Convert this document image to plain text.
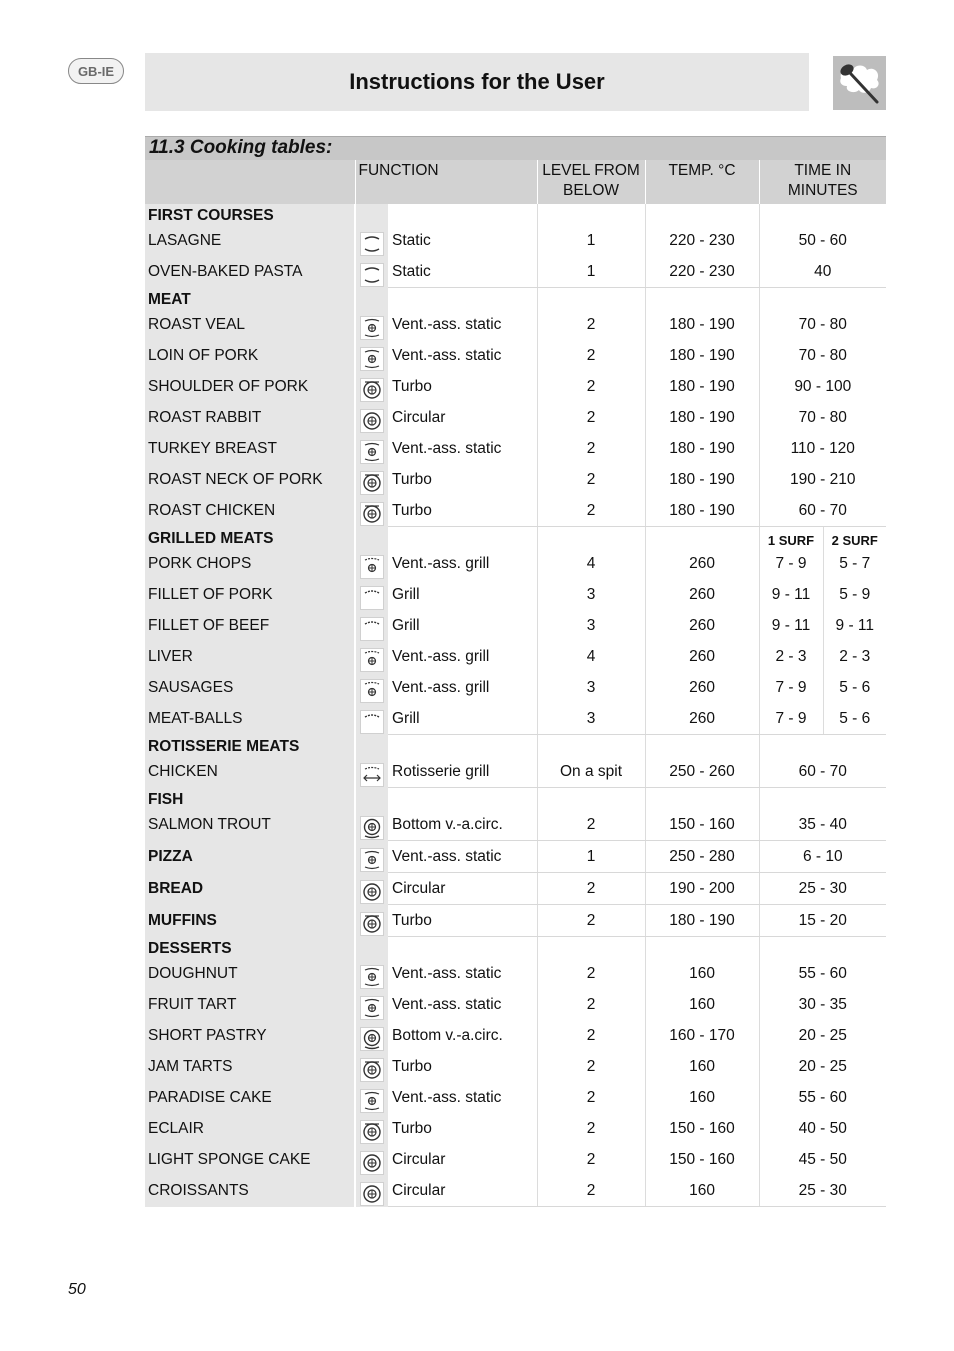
GB-IE	Instructions for the User
11.3 Cooking tables:
	FUNCTION		LEVEL FROM
BELOW	TEMP. °C	TIME IN
MINUTES	
FIRST COURSES						
LASAGNE		Static	1	220 - 230	50 - 60	
OVEN-BAKED PASTA		Static	1	220 - 230	40	
MEAT						
ROAST VEAL		Vent.-ass. static	2	180 - 190	70 - 80	
LOIN OF PORK		Vent.-ass. static	2	180 - 190	70 - 80	
SHOULDER OF PORK		Turbo	2	180 - 190	90 - 100	
ROAST RABBIT		Circular	2	180 - 190	70 - 80	
TURKEY BREAST		Vent.-ass. static	2	180 - 190	110 - 120	
ROAST NECK OF PORK		Turbo	2	180 - 190	190 - 210	
ROAST CHICKEN		Turbo	2	180 - 190	60 - 70	
GRILLED MEATS					1 SURF	2 SURF
PORK CHOPS		Vent.-ass. grill	4	260	7 - 9	5 - 7
FILLET OF PORK		Grill	3	260	9 - 11	5 - 9
FILLET OF BEEF		Grill	3	260	9 - 11	9 - 11
LIVER		Vent.-ass. grill	4	260	2 - 3	2 - 3
SAUSAGES		Vent.-ass. grill	3	260	7 - 9	5 - 6
MEAT-BALLS		Grill	3	260	7 - 9	5 - 6
ROTISSERIE MEATS						
CHICKEN		Rotisserie grill	On a spit	250 - 260	60 - 70	
FISH						
SALMON TROUT		Bottom v.-a.circ.	2	150 - 160	35 - 40	
PIZZA		Vent.-ass. static	1	250 - 280	6 - 10	
BREAD		Circular	2	190 - 200	25 - 30	
MUFFINS		Turbo	2	180 - 190	15 - 20	
DESSERTS						
DOUGHNUT		Vent.-ass. static	2	160	55 - 60	
FRUIT TART		Vent.-ass. static	2	160	30 - 35	
SHORT PASTRY		Bottom v.-a.circ.	2	160 - 170	20 - 25	
JAM TARTS		Turbo	2	160	20 - 25	
PARADISE CAKE		Vent.-ass. static	2	160	55 - 60	
ECLAIR		Turbo	2	150 - 160	40 - 50	
LIGHT SPONGE CAKE		Circular	2	150 - 160	45 - 50	
CROISSANTS		Circular	2	160	25 - 30	
50
